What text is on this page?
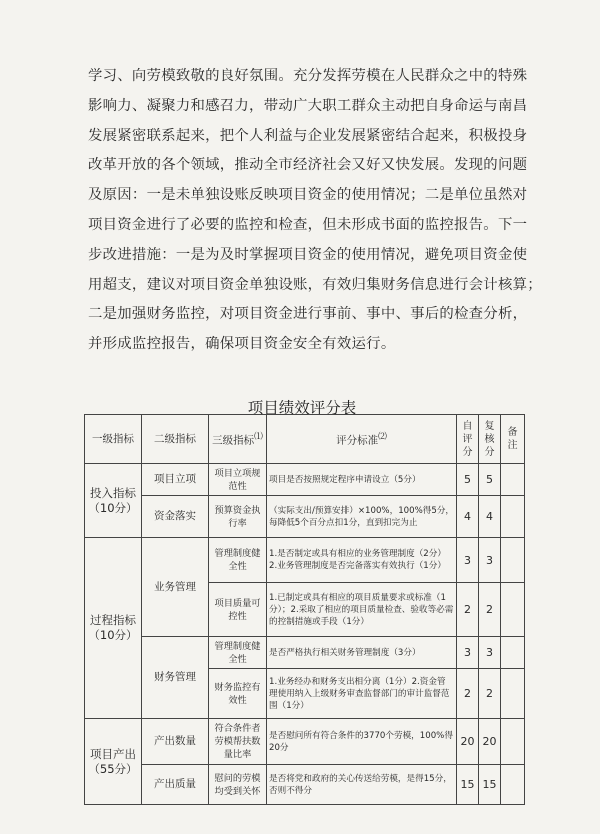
学习、向劳模致敬的良好氛围。充分发挥劳模在人民群众之中的特殊
影响力、凝聚力和感召力，带动广大职工群众主动把自身命运与南昌
发展紧密联系起来，把个人利益与企业发展紧密结合起来，积极投身
改革开放的各个领域，推动全市经济社会又好又快发展。发现的问题
及原因：一是未单独设账反映项目资金的使用情况；二是单位虽然对
项目资金进行了必要的监控和检查，但未形成书面的监控报告。下一
步改进措施：一是为及时掌握项目资金的使用情况，避免项目资金使
用超支，建议对项目资金单独设账，有效归集财务信息进行会计核算；
二是加强财务监控，对项目资金进行事前、事中、事后的检查分析，
并形成监控报告，确保项目资金安全有效运行。
项目绩效评分表
一级指标	二级指标	三级指标⑴	评分标准⑵	自评分	复核分	备注
投入指标（10分）	项目立项	项目立项规范性	项目是否按照规定程序申请设立（5分）	5	5	
	资金落实	预算资金执行率	（实际支出/预算安排）×100%，100%得5分，每降低5个百分点扣1分，直到扣完为止	4	4	
过程指标（10分）	业务管理	管理制度健全性	1.是否制定或具有相应的业务管理制度（2分）2.业务管理制度是否完备落实有效执行（1分）	3	3	
		项目质量可控性	1.已制定或具有相应的项目质量要求或标准（1分）；2.采取了相应的项目质量检查、验收等必需的控制措施或手段（1分）	2	2	
	财务管理	管理制度健全性	是否严格执行相关财务管理制度（3分）	3	3	
		财务监控有效性	1.业务经办和财务支出相分离（1分）2.资金管理使用纳入上级财务审查监督部门的审计监督范围（1分）	2	2	
项目产出（55分）	产出数量	符合条件者劳模帮扶数量比率	是否慰问所有符合条件的3770个劳模，100%得20分	20	20	
	产出质量	慰问的劳模均受到关怀	是否将党和政府的关心传送给劳模，是得15分，否则不得分	15	15	
